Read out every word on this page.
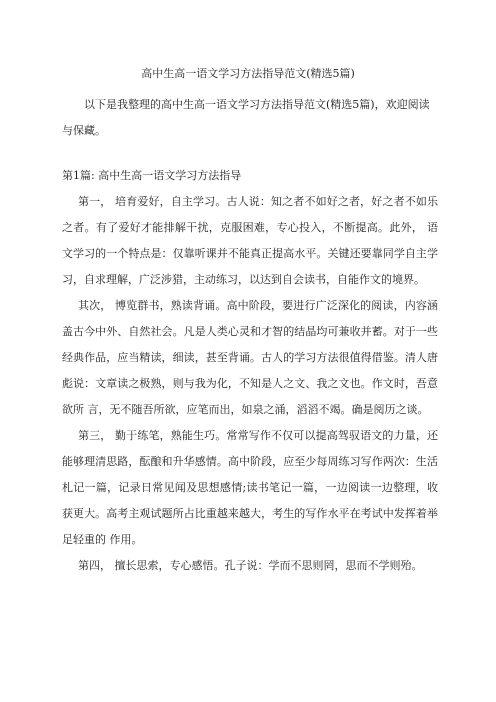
高中生高一语文学习方法指导范文(精选5篇)

以下是我整理的高中生高一语文学习方法指导范文(精选5篇)，欢迎阅读与保藏。

第1篇: 高中生高一语文学习方法指导

第一， 培育爱好，自主学习。古人说：知之者不如好之者，好之者不如乐之者。有了爱好才能排解干扰，克服困难，专心投入，不断提高。此外， 语文学习的一个特点是：仅靠听课并不能真正提高水平。关键还要靠同学自主学习，自求理解，广泛涉猎，主动练习，以达到自会读书，自能作文的境界。

其次， 博览群书，熟读背诵。高中阶段，要进行广泛深化的阅读，内容涵盖古今中外、自然社会。凡是人类心灵和才智的结晶均可兼收并蓄。对于一些 经典作品，应当精读，细读，甚至背诵。古人的学习方法很值得借鉴。清人唐彪说：文章读之极熟，则与我为化，不知是人之文、我之文也。作文时，吾意欲所 言，无不随吾所欲，应笔而出，如泉之涌，滔滔不竭。确是阅历之谈。

第三， 勤于练笔，熟能生巧。常常写作不仅可以提高驾驭语文的力量，还能够理清思路，酝酿和升华感情。高中阶段，应至少每周练习写作两次：生活 札记一篇，记录日常见闻及思想感情;读书笔记一篇，一边阅读一边整理，收获更大。高考主观试题所占比重越来越大，考生的写作水平在考试中发挥着举足轻重的 作用。

第四， 擅长思索，专心感悟。孔子说：学而不思则罔，思而不学则殆。
